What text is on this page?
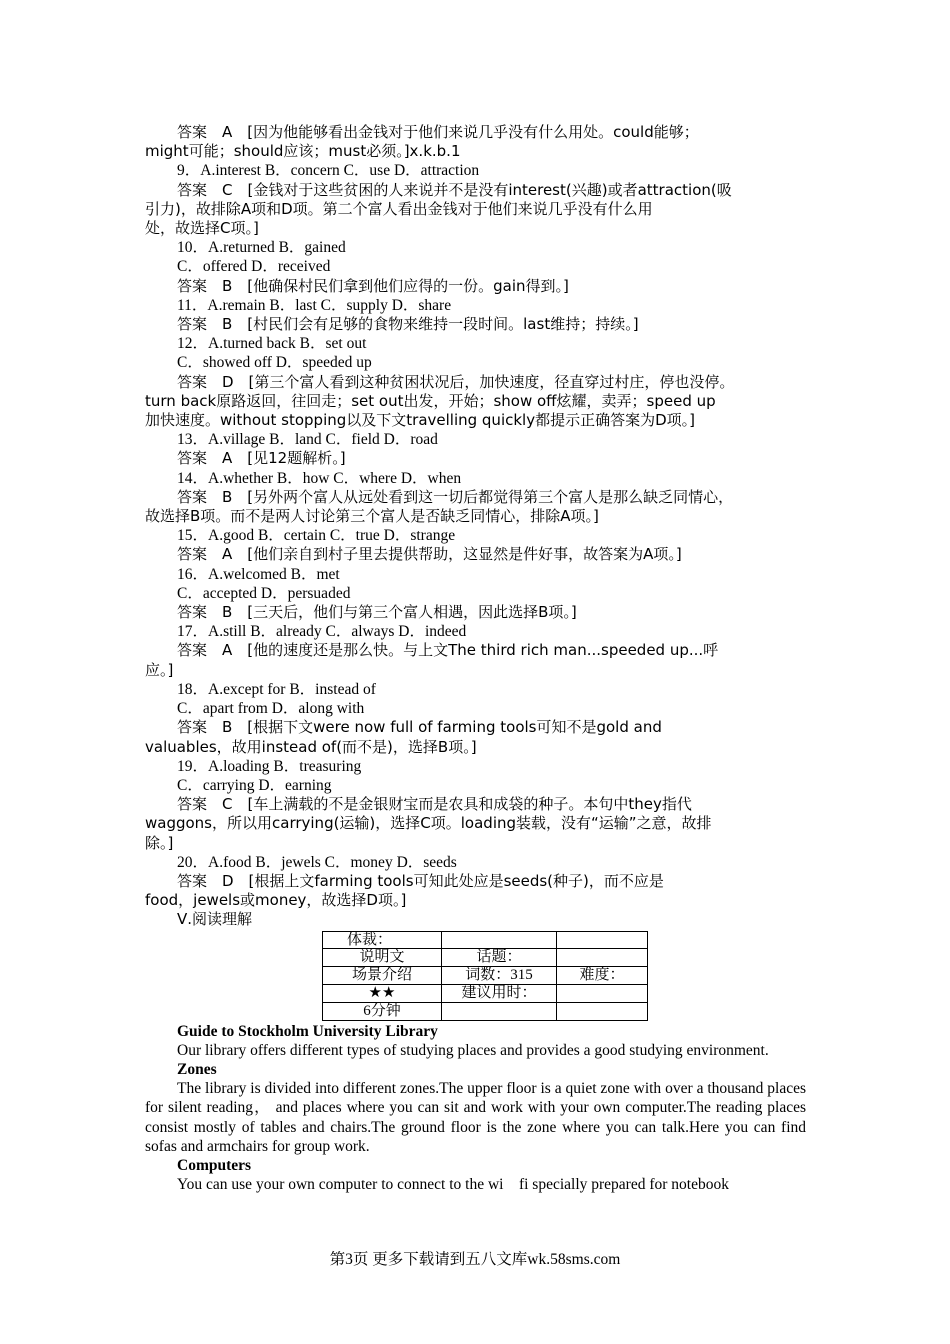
答案　A　[因为他能够看出金钱对于他们来说几乎没有什么用处。could能够；

might可能；should应该；must必须。]x.k.b.1

9．A.interest B．concern C．use D．attraction

答案　C　[金钱对于这些贫困的人来说并不是没有interest(兴趣)或者attraction(吸

引力)，故排除A项和D项。第二个富人看出金钱对于他们来说几乎没有什么用

处，故选择C项。]

10．A.returned B．gained

C．offered D．received

答案　B　[他确保村民们拿到他们应得的一份。gain得到。]

11．A.remain B．last C．supply D．share

答案　B　[村民们会有足够的食物来维持一段时间。last维持；持续。]

12．A.turned back B．set out

C．showed off D．speeded up

答案　D　[第三个富人看到这种贫困状况后，加快速度，径直穿过村庄，停也没停。

turn back原路返回，往回走；set out出发，开始；show off炫耀，卖弄；speed up

加快速度。without stopping以及下文travelling quickly都提示正确答案为D项。]

13．A.village B．land C．field D．road

答案　A　[见12题解析。]

14．A.whether B．how C．where D．when

答案　B　[另外两个富人从远处看到这一切后都觉得第三个富人是那么缺乏同情心，

故选择B项。而不是两人讨论第三个富人是否缺乏同情心，排除A项。]

15．A.good B．certain C．true D．strange

答案　A　[他们亲自到村子里去提供帮助，这显然是件好事，故答案为A项。]

16．A.welcomed B．met

C．accepted D．persuaded

答案　B　[三天后，他们与第三个富人相遇，因此选择B项。]

17．A.still B．already C．always D．indeed

答案　A　[他的速度还是那么快。与上文The third rich man...speeded up...呼

应。]

18．A.except for B．instead of

C．apart from D．along with

答案　B　[根据下文were now full of farming tools可知不是gold and

valuables，故用instead of(而不是)，选择B项。]

19．A.loading B．treasuring

C．carrying D．earning

答案　C　[车上满载的不是金银财宝而是农具和成袋的种子。本句中they指代

waggons，所以用carrying(运输)，选择C项。loading装载，没有“运输”之意，故排

除。]

20．A.food B．jewels C．money D．seeds

答案　D　[根据上文farming tools可知此处应是seeds(种子)，而不应是

food，jewels或money，故选择D项。]

Ⅴ.阅读理解

体裁：		
说明文	话题：	
场景介绍	词数：315	难度：
★★	建议用时：	
6分钟		

Guide to Stockholm University Library

Our library offers different types of studying places and provides a good studying environment.

Zones

The library is divided into different zones.The upper floor is a quiet zone with over a thousand places for silent reading， and places where you can sit and work with your own computer.The reading places consist mostly of tables and chairs.The ground floor is the zone where you can talk.Here you can find sofas and armchairs for group work.

Computers

You can use your own computer to connect to the wi　fi specially prepared for notebook

第3页 更多下载请到五八文库wk.58sms.com
